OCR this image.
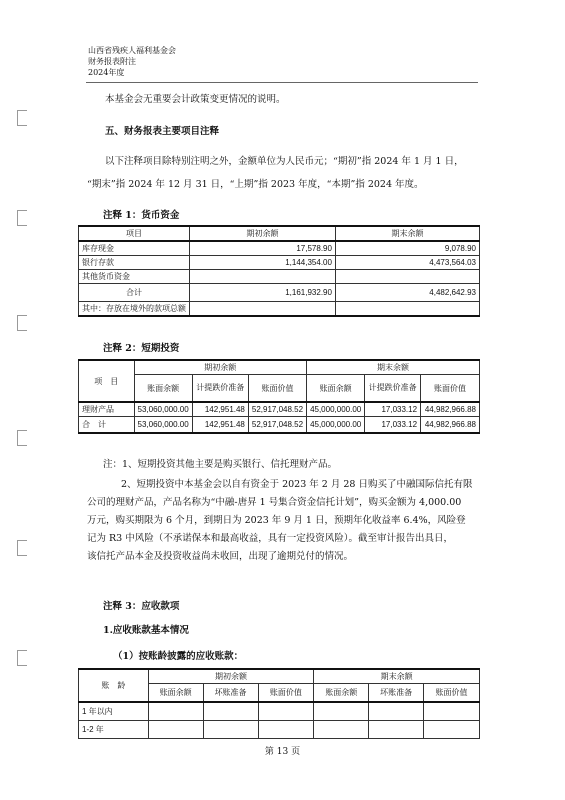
山西省残疾人福利基金会
财务报表附注
2024年度
本基金会无重要会计政策变更情况的说明。
五、财务报表主要项目注释
以下注释项目除特别注明之外，金额单位为人民币元；“期初”指 2024 年 1 月 1 日，
“期末”指 2024 年 12 月 31 日，“上期”指 2023 年度，“本期”指 2024 年度。
注释 1：货币资金
项目	期初余额	期末余额
库存现金	17,578.90	9,078.90
银行存款	1,144,354.00	4,473,564.03
其他货币资金		
合计	1,161,932.90	4,482,642.93
其中：存放在境外的款项总额		
注释 2：短期投资
项　目	期初余额			期末余额		
	账面余额	计提跌价准备	账面价值	账面余额	计提跌价准备	账面价值
理财产品	53,060,000.00	142,951.48	52,917,048.52	45,000,000.00	17,033.12	44,982,966.88
合　计	53,060,000.00	142,951.48	52,917,048.52	45,000,000.00	17,033.12	44,982,966.88
注：1、短期投资其他主要是购买银行、信托理财产品。
2、短期投资中本基金会以自有资金于 2023 年 2 月 28 日购买了中融国际信托有限
公司的理财产品，产品名称为“中融-唐昇 1 号集合资金信托计划”，购买金额为 4,000.00
万元，购买期限为 6 个月，到期日为 2023 年 9 月 1 日，预期年化收益率 6.4%，风险登
记为 R3 中风险（不承诺保本和最高收益，具有一定投资风险）。截至审计报告出具日，
该信托产品本金及投资收益尚未收回，出现了逾期兑付的情况。
注释 3：应收款项
1.应收账款基本情况
（1）按账龄披露的应收账款：
账　龄	期初余额			期末余额		
	账面余额	坏账准备	账面价值	账面余额	坏账准备	账面价值
1 年以内						
1-2 年						
第 13 页
